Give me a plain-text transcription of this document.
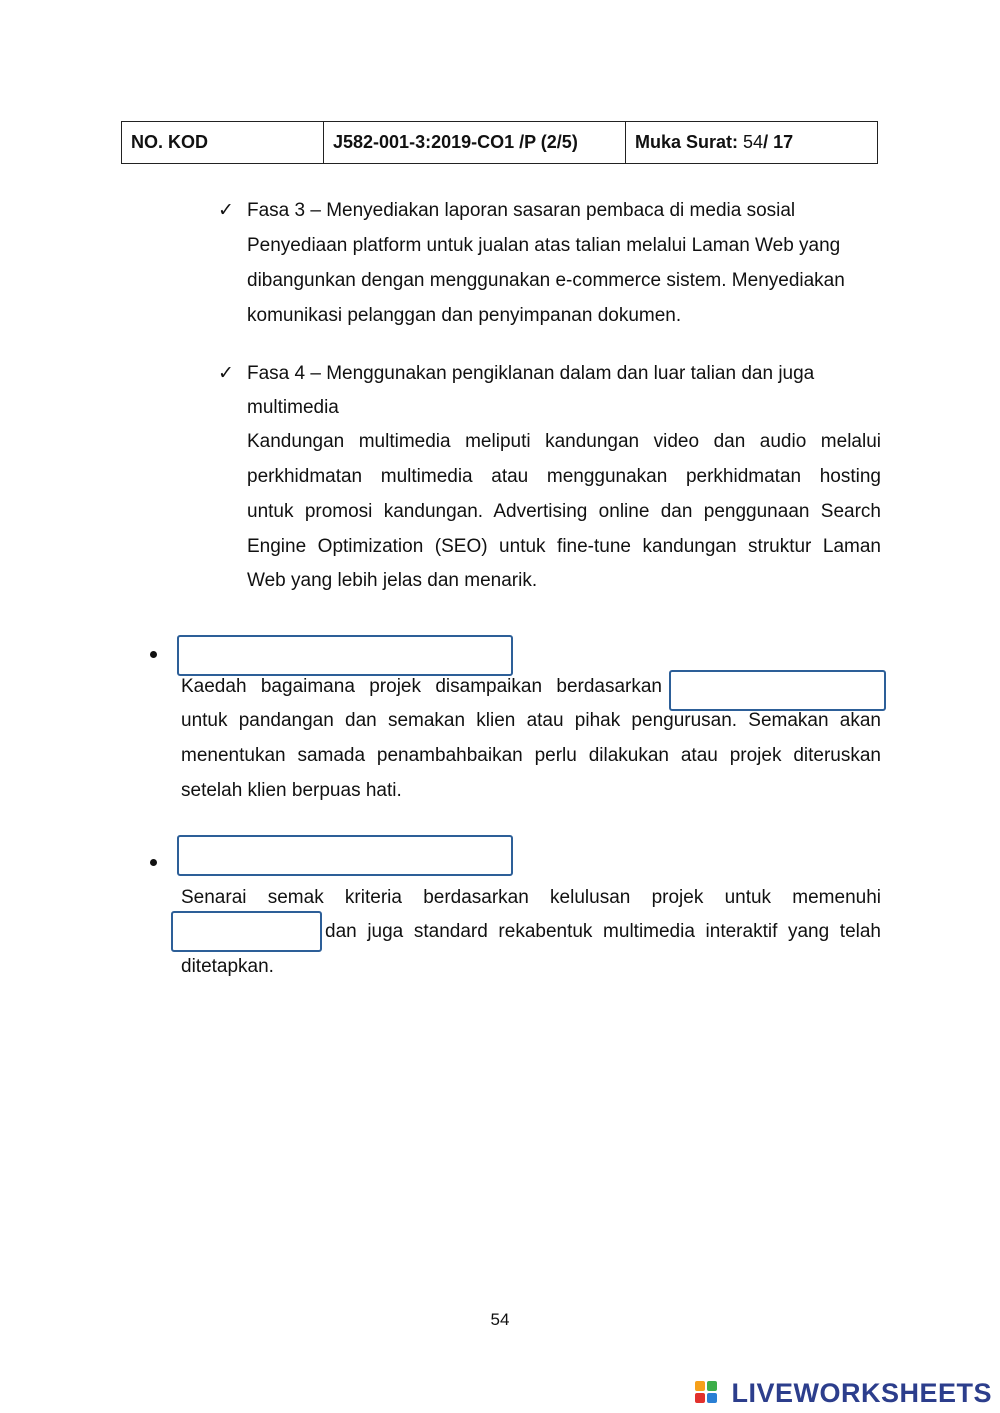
NO. KOD	J582-001-3:2019-CO1 /P (2/5)	Muka Surat: 54/ 17
✓ Fasa 3 – Menyediakan laporan sasaran pembaca di media sosial
Penyediaan platform untuk jualan atas talian melalui Laman Web yang
dibangunkan dengan menggunakan e-commerce sistem. Menyediakan
komunikasi pelanggan dan penyimpanan dokumen.
✓ Fasa 4 – Menggunakan pengiklanan dalam dan luar talian dan juga
multimedia
Kandungan multimedia meliputi kandungan video dan audio melalui
perkhidmatan multimedia atau menggunakan perkhidmatan hosting
untuk promosi kandungan. Advertising online dan penggunaan Search
Engine Optimization (SEO) untuk fine-tune kandungan struktur Laman
Web yang lebih jelas dan menarik.
Kaedah bagaimana projek disampaikan berdasarkan
untuk pandangan dan semakan klien atau pihak pengurusan. Semakan akan
menentukan samada penambahbaikan perlu dilakukan atau projek diteruskan
setelah klien berpuas hati.
Senarai semak kriteria berdasarkan kelulusan projek untuk memenuhi
dan juga standard rekabentuk multimedia interaktif yang telah
ditetapkan.
54
LIVEWORKSHEETS
